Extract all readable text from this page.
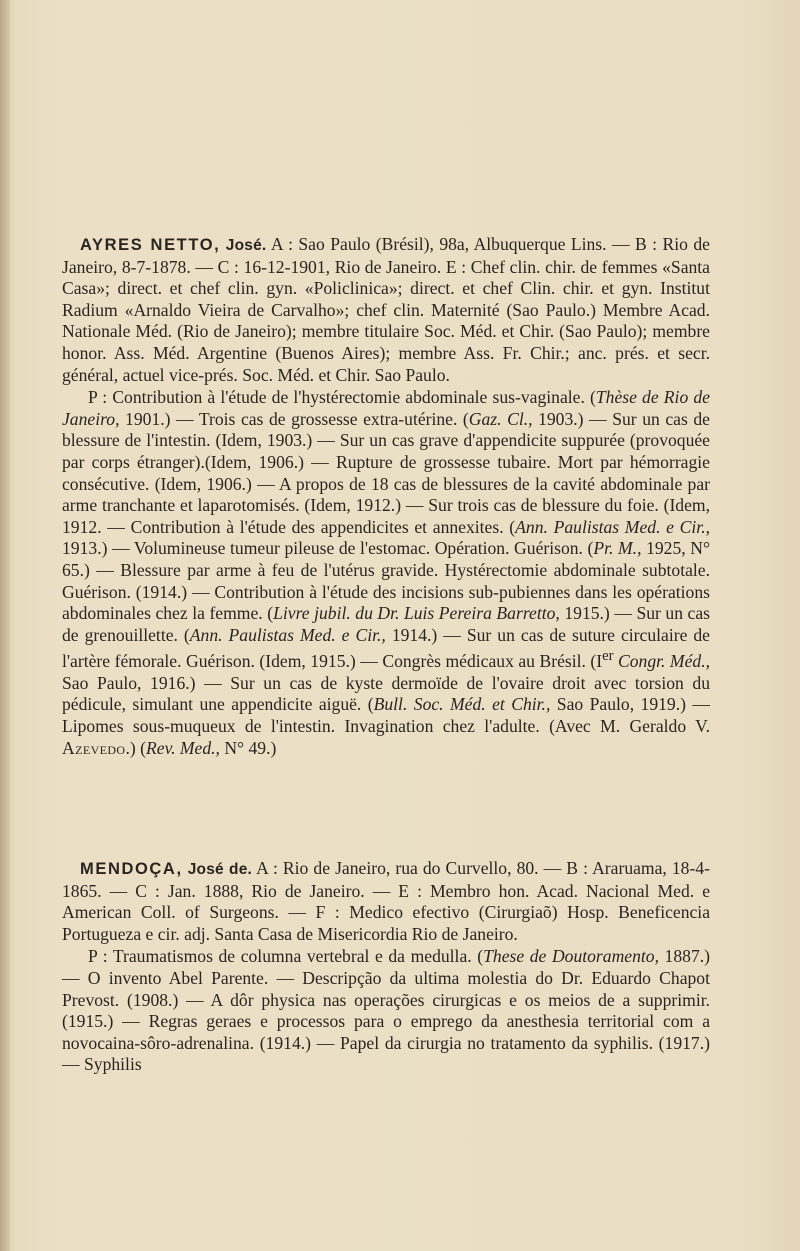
AYRES NETTO, José. A : Sao Paulo (Brésil), 98a, Albuquerque Lins. — B : Rio de Janeiro, 8-7-1878. — C : 16-12-1901, Rio de Janeiro. E : Chef clin. chir. de femmes «Santa Casa»; direct. et chef clin. gyn. «Policlinica»; direct. et chef Clin. chir. et gyn. Institut Radium «Arnaldo Vieira de Carvalho»; chef clin. Maternité (Sao Paulo.) Membre Acad. Nationale Méd. (Rio de Janeiro); membre titulaire Soc. Méd. et Chir. (Sao Paulo); membre honor. Ass. Méd. Argentine (Buenos Aires); membre Ass. Fr. Chir.; anc. prés. et secr. général, actuel vice-prés. Soc. Méd. et Chir. Sao Paulo.

P : Contribution à l'étude de l'hystérectomie abdominale sus-vaginale. (Thèse de Rio de Janeiro, 1901.) — Trois cas de grossesse extra-utérine. (Gaz. Cl., 1903.) — Sur un cas de blessure de l'intestin. (Idem, 1903.) — Sur un cas grave d'appendicite suppurée (provoquée par corps étranger).(Idem, 1906.) — Rupture de grossesse tubaire. Mort par hémorragie consécutive. (Idem, 1906.) — A propos de 18 cas de blessures de la cavité abdominale par arme tranchante et laparotomisés. (Idem, 1912.) — Sur trois cas de blessure du foie. (Idem, 1912. — Contribution à l'étude des appendicites et annexites. (Ann. Paulistas Med. e Cir., 1913.) — Volumineuse tumeur pileuse de l'estomac. Opération. Guérison. (Pr. M., 1925, N° 65.) — Blessure par arme à feu de l'utérus gravide. Hystérectomie abdominale subtotale. Guérison. (1914.) — Contribution à l'étude des incisions sub-pubiennes dans les opérations abdominales chez la femme. (Livre jubil. du Dr. Luis Pereira Barretto, 1915.) — Sur un cas de grenouillette. (Ann. Paulistas Med. e Cir., 1914.) — Sur un cas de suture circulaire de l'artère fémorale. Guérison. (Idem, 1915.) — Congrès médicaux au Brésil. (Ier Congr. Méd., Sao Paulo, 1916.) — Sur un cas de kyste dermoïde de l'ovaire droit avec torsion du pédicule, simulant une appendicite aiguë. (Bull. Soc. Méd. et Chir., Sao Paulo, 1919.) — Lipomes sous-muqueux de l'intestin. Invagination chez l'adulte. (Avec M. Geraldo V. Azevedo.) (Rev. Med., N° 49.)

MENDOÇA, José de. A : Rio de Janeiro, rua do Curvello, 80. — B : Araruama, 18-4-1865. — C : Jan. 1888, Rio de Janeiro. — E : Membro hon. Acad. Nacional Med. e American Coll. of Surgeons. — F : Medico efectivo (Cirurgiaõ) Hosp. Beneficencia Portugueza e cir. adj. Santa Casa de Misericordia Rio de Janeiro.

P : Traumatismos de columna vertebral e da medulla. (These de Doutoramento, 1887.) — O invento Abel Parente. — Descripção da ultima molestia do Dr. Eduardo Chapot Prevost. (1908.) — A dôr physica nas operações cirurgicas e os meios de a supprimir. (1915.) — Regras geraes e processos para o emprego da anesthesia territorial com a novocaina-sôro-adrenalina. (1914.) — Papel da cirurgia no tratamento da syphilis. (1917.) — Syphilis
